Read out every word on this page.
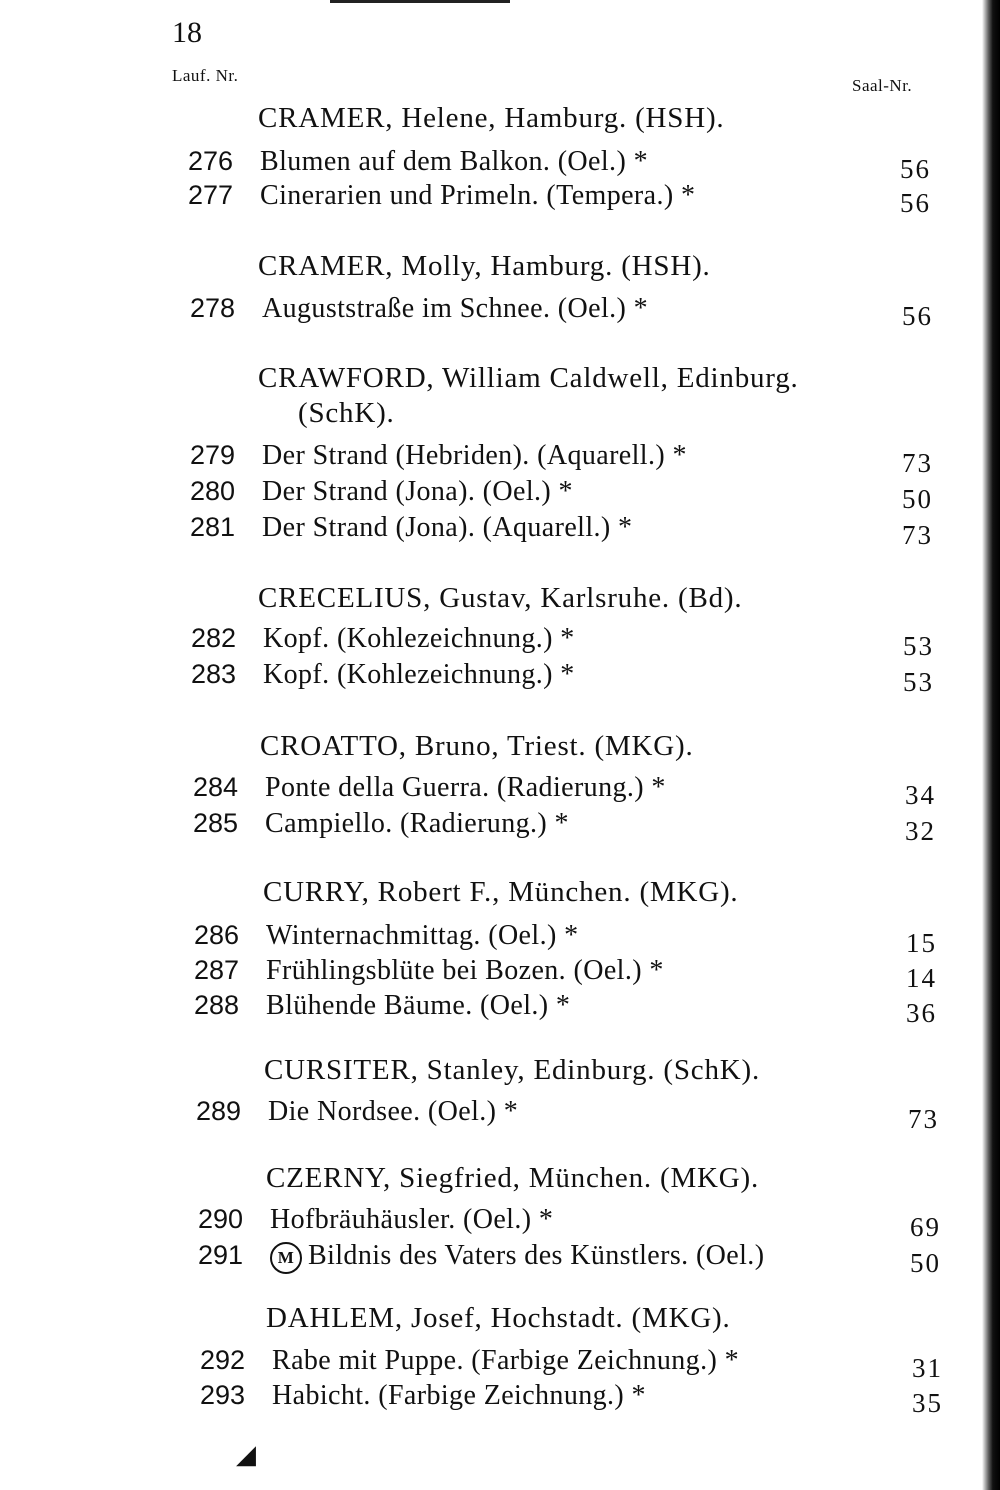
18
Lauf. Nr.
Saal-Nr.
CRAMER, Helene, Hamburg. (HSH).
276 Blumen auf dem Balkon. (Oel.) *	56
277 Cinerarien und Primeln. (Tempera.) *	56
CRAMER, Molly, Hamburg. (HSH).
278 Auguststraße im Schnee. (Oel.) *	56
CRAWFORD, William Caldwell, Edinburg.
(SchK).
279 Der Strand (Hebriden). (Aquarell.) *	73
280 Der Strand (Jona). (Oel.) *	50
281 Der Strand (Jona). (Aquarell.) *	73
CRECELIUS, Gustav, Karlsruhe. (Bd).
282 Kopf. (Kohlezeichnung.) *	53
283 Kopf. (Kohlezeichnung.) *	53
CROATTO, Bruno, Triest. (MKG).
284 Ponte della Guerra. (Radierung.) *	34
285 Campiello. (Radierung.) *	32
CURRY, Robert F., München. (MKG).
286 Winternachmittag. (Oel.) *	15
287 Frühlingsblüte bei Bozen. (Oel.) *	14
288 Blühende Bäume. (Oel.) *	36
CURSITER, Stanley, Edinburg. (SchK).
289 Die Nordsee. (Oel.) *	73
CZERNY, Siegfried, München. (MKG).
290 Hofbräuhäusler. (Oel.) *	69
291	M Bildnis des Vaters des Künstlers. (Oel.)	50
DAHLEM, Josef, Hochstadt. (MKG).
292 Rabe mit Puppe. (Farbige Zeichnung.) *	31
293 Habicht. (Farbige Zeichnung.) *	35
◢
